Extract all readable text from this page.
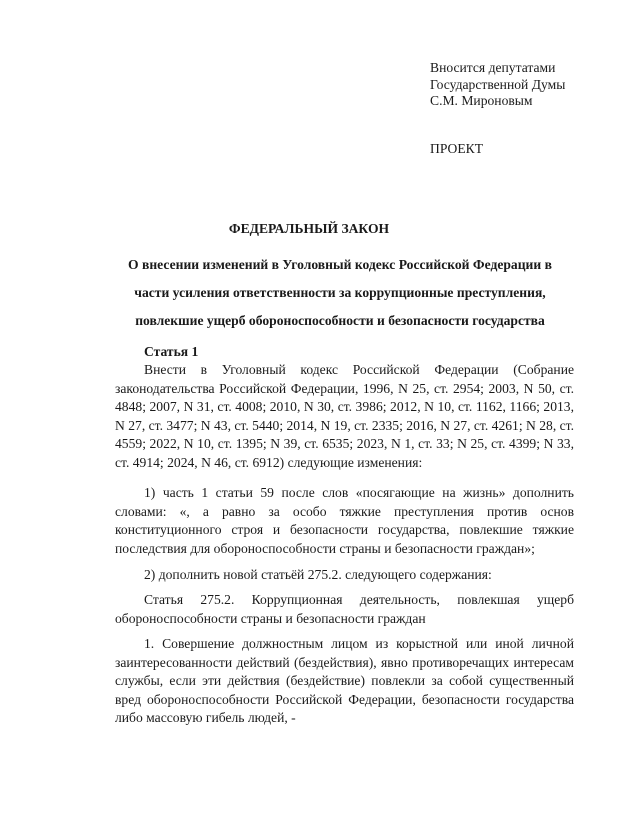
Вносится депутатами
Государственной Думы
С.М. Мироновым
ПРОЕКТ
ФЕДЕРАЛЬНЫЙ ЗАКОН
О внесении изменений в Уголовный кодекс Российской Федерации в части усиления ответственности за коррупционные преступления, повлекшие ущерб обороноспособности и безопасности государства
Статья 1
Внести в Уголовный кодекс Российской Федерации (Собрание законодательства Российской Федерации, 1996, N 25, ст. 2954; 2003, N 50, ст. 4848; 2007, N 31, ст. 4008; 2010, N 30, ст. 3986; 2012, N 10, ст. 1162, 1166; 2013, N 27, ст. 3477; N 43, ст. 5440; 2014, N 19, ст. 2335; 2016, N 27, ст. 4261; N 28, ст. 4559; 2022, N 10, ст. 1395; N 39, ст. 6535; 2023, N 1, ст. 33; N 25, ст. 4399; N 33, ст. 4914; 2024, N 46, ст. 6912) следующие изменения:
1) часть 1 статьи 59 после слов «посягающие на жизнь» дополнить словами: «, а равно за особо тяжкие преступления против основ конституционного строя и безопасности государства, повлекшие тяжкие последствия для обороноспособности страны и безопасности граждан»;
2) дополнить новой статьёй 275.2. следующего содержания:
Статья 275.2. Коррупционная деятельность, повлекшая ущерб обороноспособности страны и безопасности граждан
1. Совершение должностным лицом из корыстной или иной личной заинтересованности действий (бездействия), явно противоречащих интересам службы, если эти действия (бездействие) повлекли за собой существенный вред обороноспособности Российской Федерации, безопасности государства либо массовую гибель людей, -
